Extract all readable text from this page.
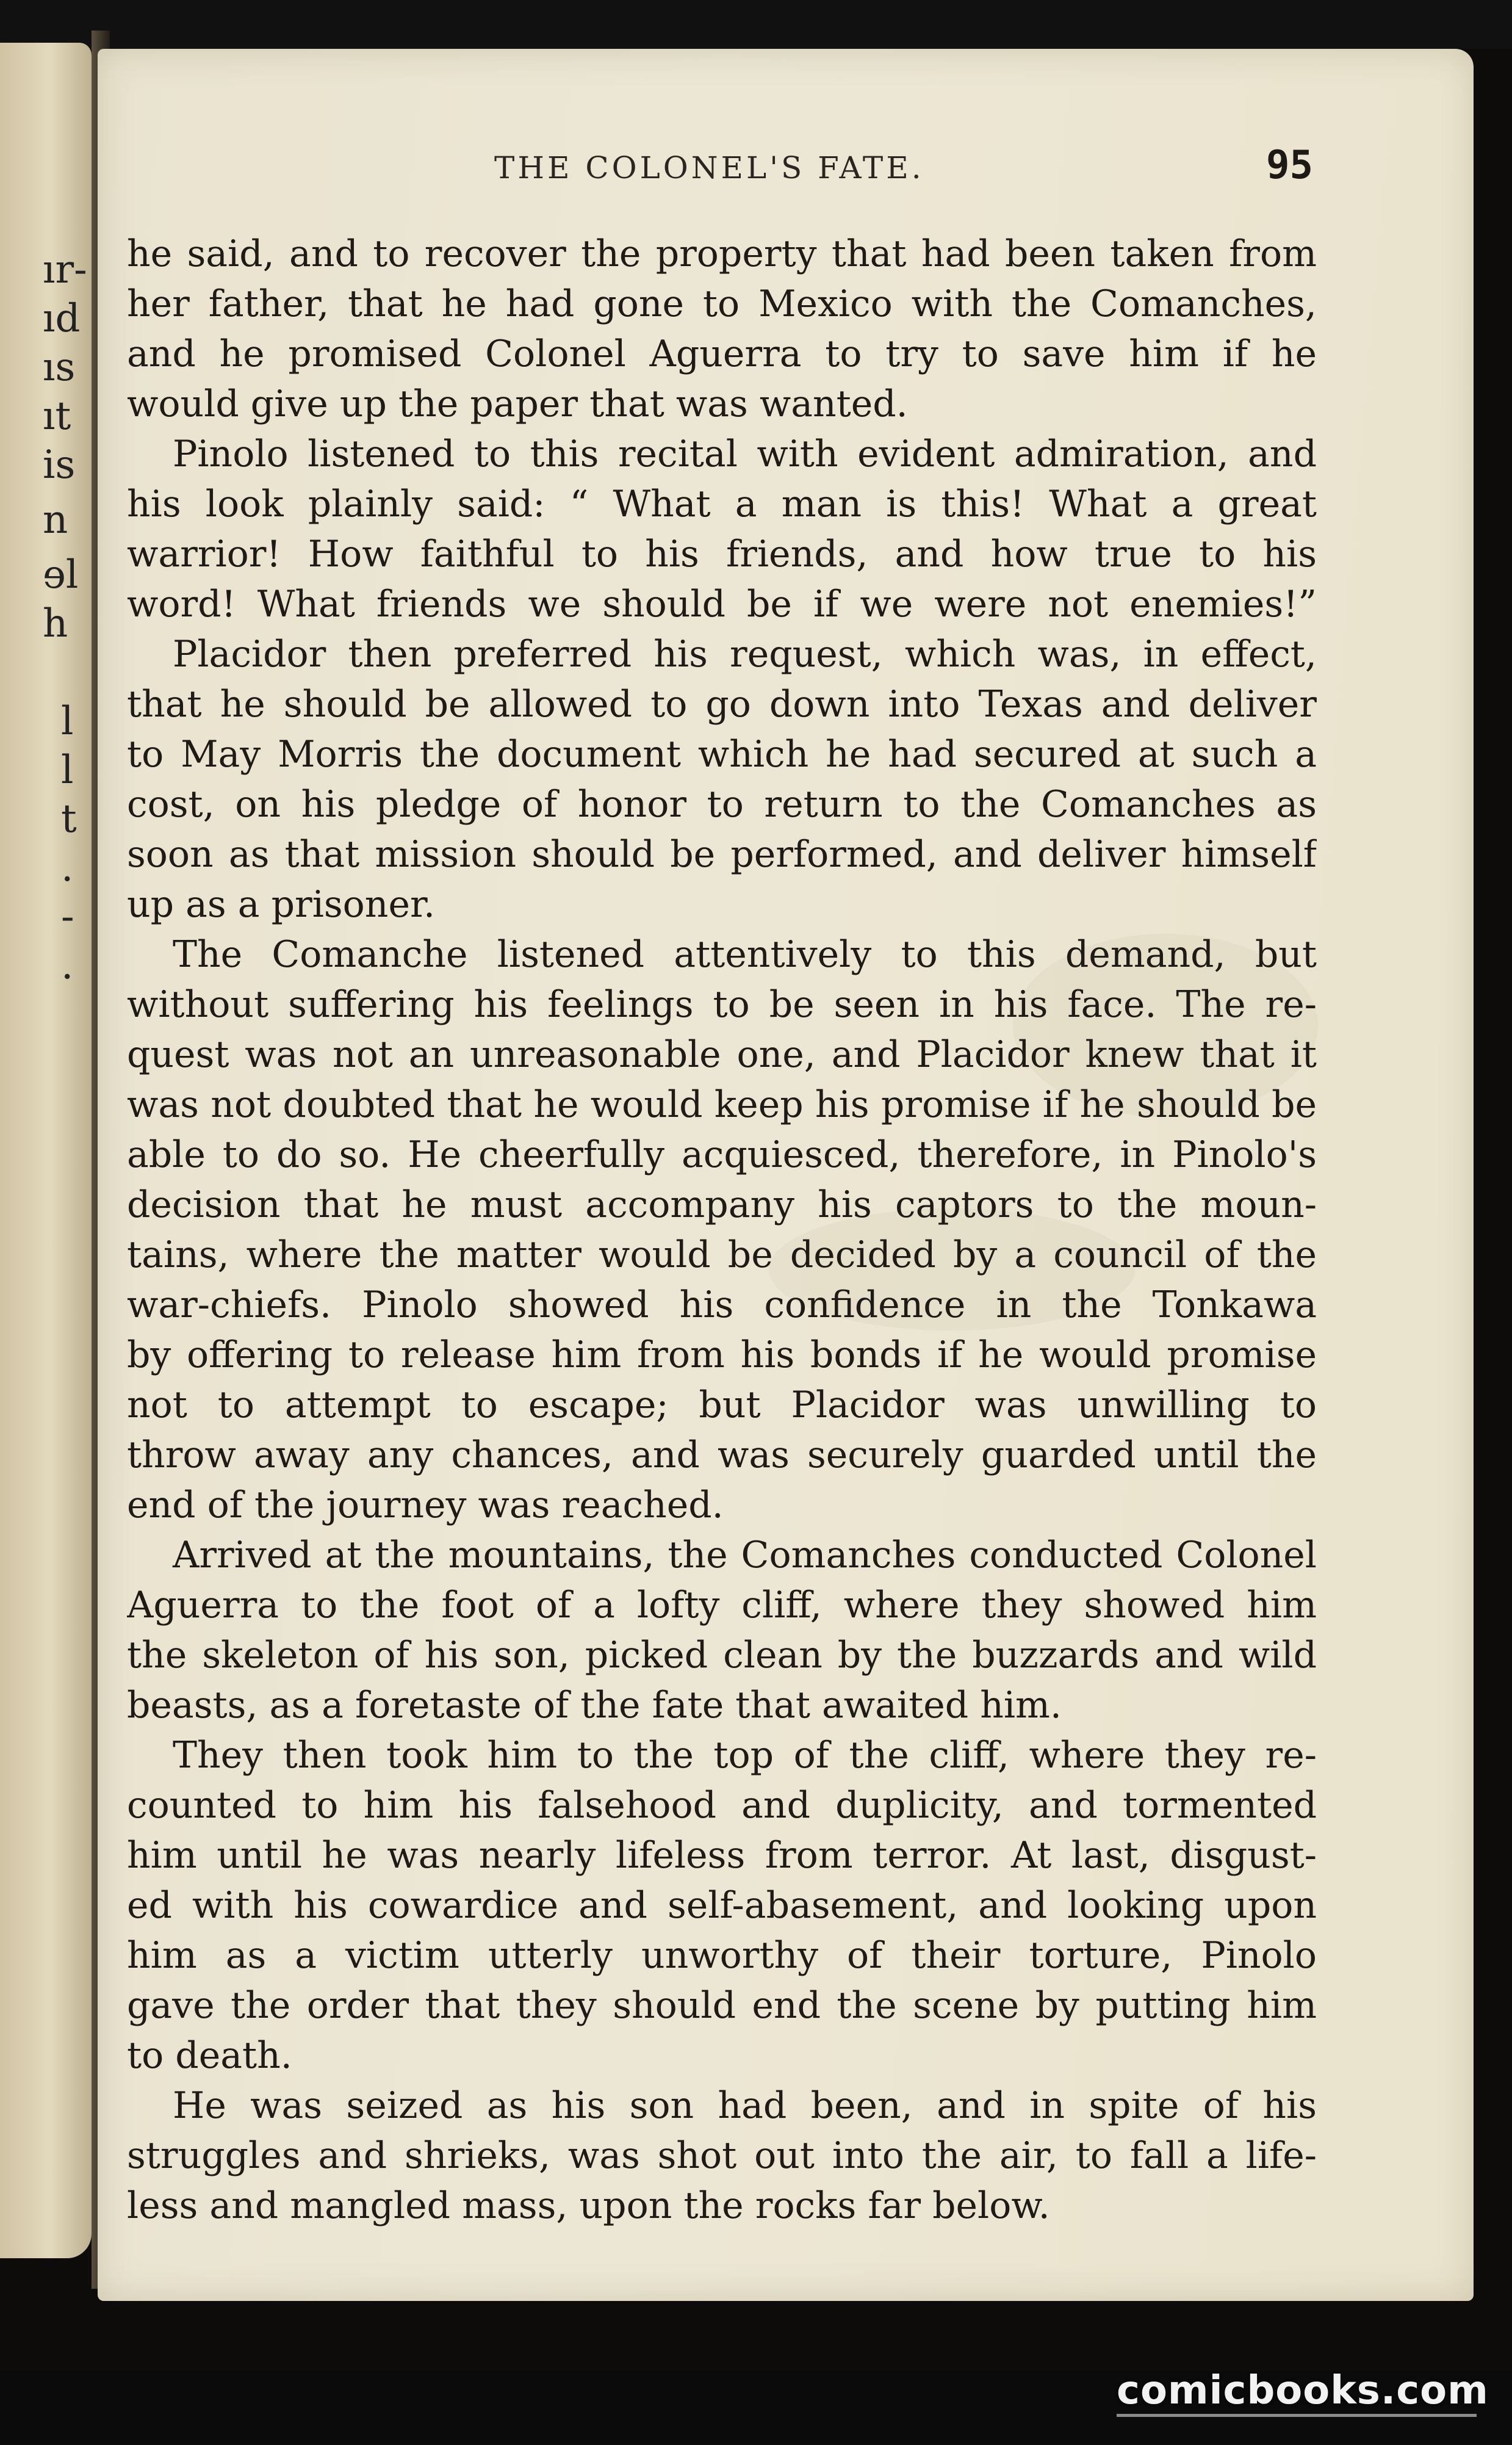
ır-
ıd
ıs
ıt
is
n
ɘl
h
l
l
t
.
-
.
THE COLONEL'S FATE.	95
he said, and to recover the property that had been taken from
her father, that he had gone to Mexico with the Comanches,
and he promised Colonel Aguerra to try to save him if he
would give up the paper that was wanted.
Pinolo listened to this recital with evident admiration, and
his look plainly said: “ What a man is this! What a great
warrior! How faithful to his friends, and how true to his
word! What friends we should be if we were not enemies!”
Placidor then preferred his request, which was, in effect,
that he should be allowed to go down into Texas and deliver
to May Morris the document which he had secured at such a
cost, on his pledge of honor to return to the Comanches as
soon as that mission should be performed, and deliver himself
up as a prisoner.
The Comanche listened attentively to this demand, but
without suffering his feelings to be seen in his face. The re-
quest was not an unreasonable one, and Placidor knew that it
was not doubted that he would keep his promise if he should be
able to do so. He cheerfully acquiesced, therefore, in Pinolo's
decision that he must accompany his captors to the moun-
tains, where the matter would be decided by a council of the
war-chiefs. Pinolo showed his confidence in the Tonkawa
by offering to release him from his bonds if he would promise
not to attempt to escape; but Placidor was unwilling to
throw away any chances, and was securely guarded until the
end of the journey was reached.
Arrived at the mountains, the Comanches conducted Colonel
Aguerra to the foot of a lofty cliff, where they showed him
the skeleton of his son, picked clean by the buzzards and wild
beasts, as a foretaste of the fate that awaited him.
They then took him to the top of the cliff, where they re-
counted to him his falsehood and duplicity, and tormented
him until he was nearly lifeless from terror. At last, disgust-
ed with his cowardice and self-abasement, and looking upon
him as a victim utterly unworthy of their torture, Pinolo
gave the order that they should end the scene by putting him
to death.
He was seized as his son had been, and in spite of his
struggles and shrieks, was shot out into the air, to fall a life-
less and mangled mass, upon the rocks far below.
comicbooks.com
